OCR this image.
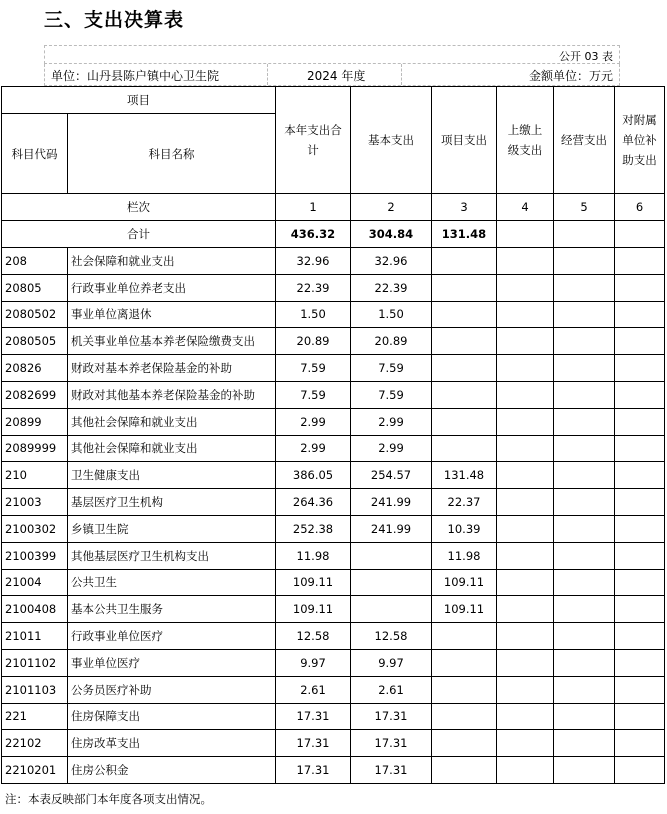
三、支出决算表
公开 03 表
单位：山丹县陈户镇中心卫生院	2024 年度	金额单位：万元
项目		本年支出合计	基本支出	项目支出	上缴上级支出	经营支出	对附属单位补助支出

科目代码	科目名称						
栏次		1	2	3	4	5	6
合计		436.32	304.84	131.48			
208	社会保障和就业支出	32.96	32.96				
20805	行政事业单位养老支出	22.39	22.39				
2080502	事业单位离退休	1.50	1.50				
2080505	机关事业单位基本养老保险缴费支出	20.89	20.89				
20826	财政对基本养老保险基金的补助	7.59	7.59				
2082699	财政对其他基本养老保险基金的补助	7.59	7.59				
20899	其他社会保障和就业支出	2.99	2.99				
2089999	其他社会保障和就业支出	2.99	2.99				
210	卫生健康支出	386.05	254.57	131.48			
21003	基层医疗卫生机构	264.36	241.99	22.37			
2100302	乡镇卫生院	252.38	241.99	10.39			
2100399	其他基层医疗卫生机构支出	11.98		11.98			
21004	公共卫生	109.11		109.11			
2100408	基本公共卫生服务	109.11		109.11			
21011	行政事业单位医疗	12.58	12.58				
2101102	事业单位医疗	9.97	9.97				
2101103	公务员医疗补助	2.61	2.61				
221	住房保障支出	17.31	17.31				
22102	住房改革支出	17.31	17.31				
2210201	住房公积金	17.31	17.31				
注：本表反映部门本年度各项支出情况。
